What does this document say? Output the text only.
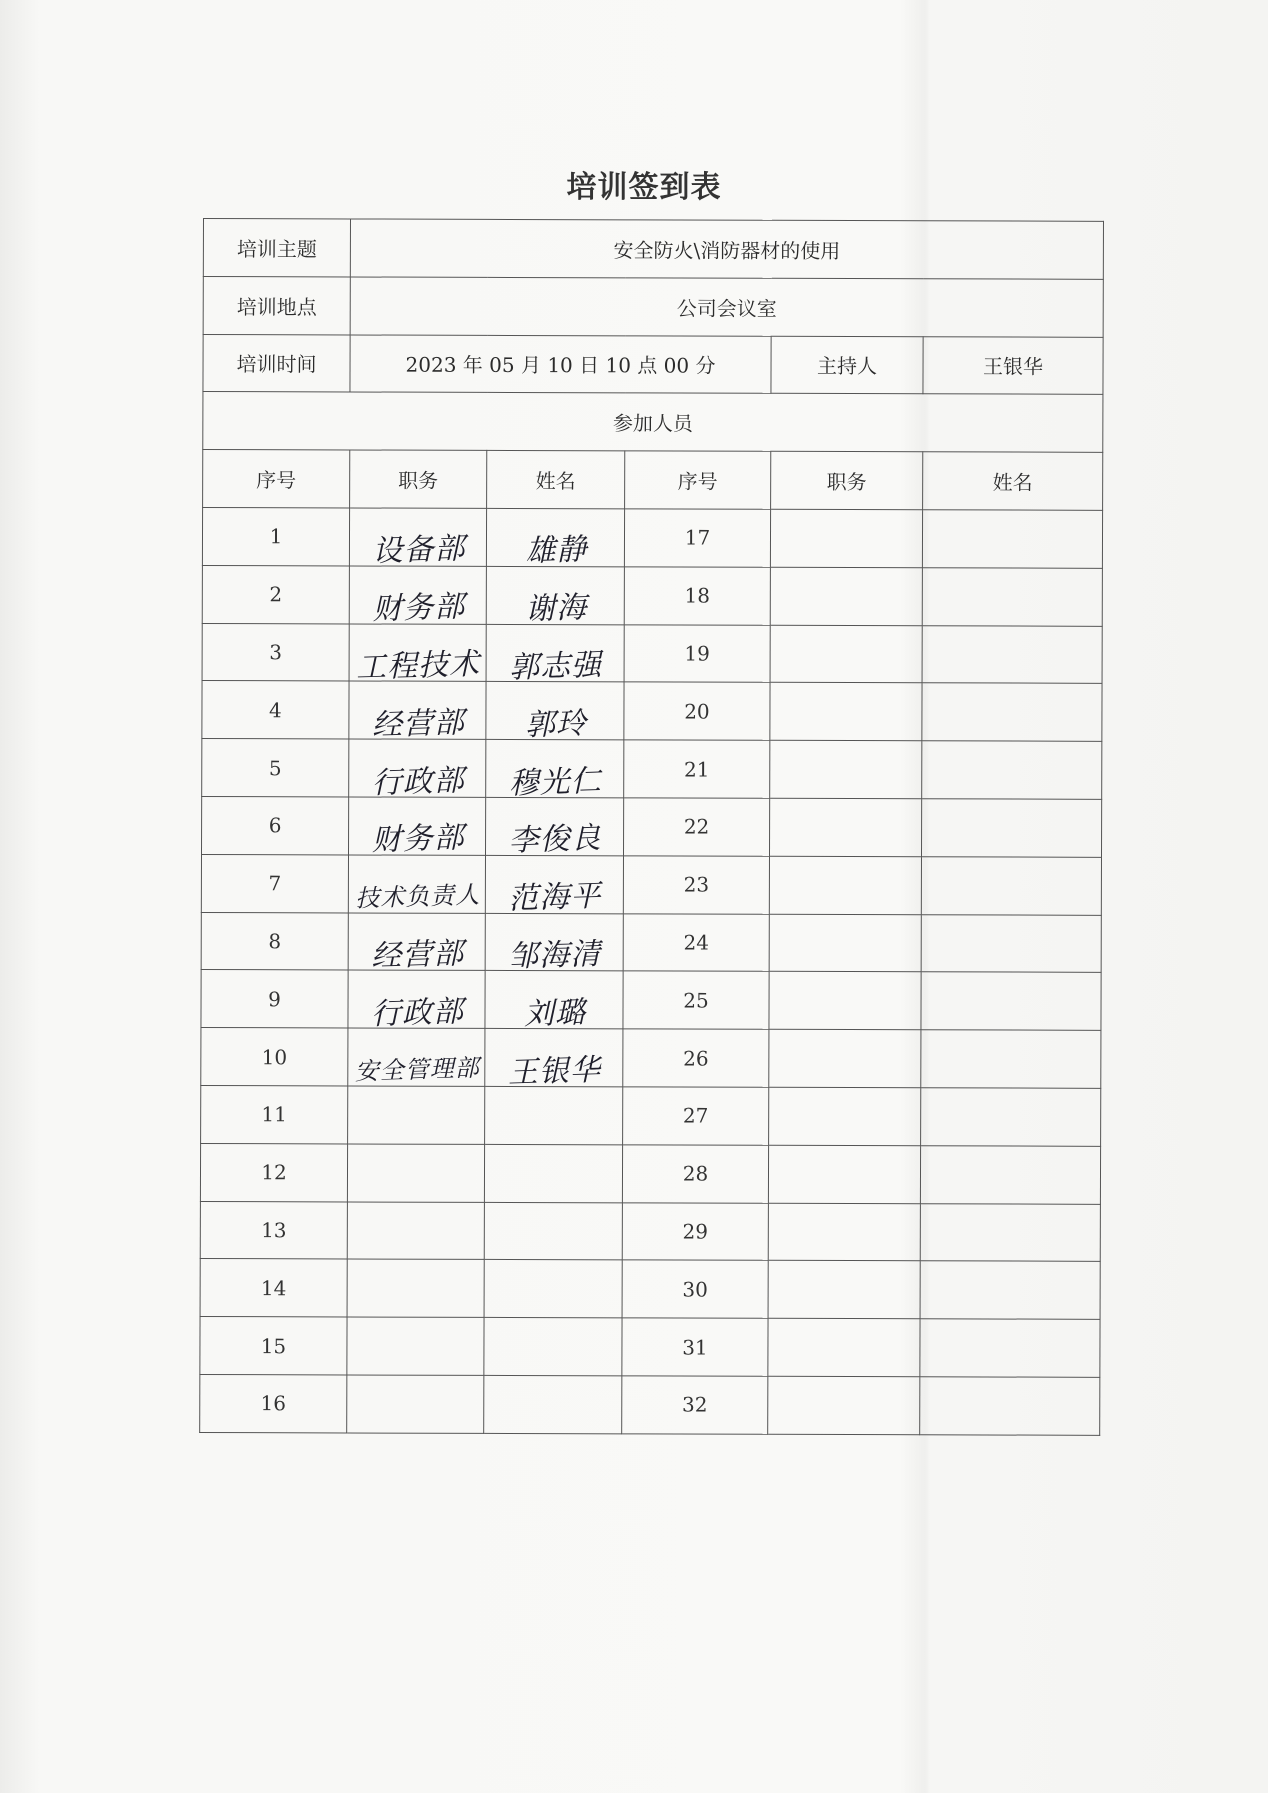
培训签到表
培训主题	安全防火\消防器材的使用				
培训地点	公司会议室				
培训时间	2023 年 05 月 10 日 10 点 00 分			主持人	王银华
参加人员					
序号	职务	姓名	序号	职务	姓名
1	设备部	雄静	17		
2	财务部	谢海	18		
3	工程技术	郭志强	19		
4	经营部	郭玲	20		
5	行政部	穆光仁	21		
6	财务部	李俊良	22		
7	技术负责人	范海平	23		
8	经营部	邹海清	24		
9	行政部	刘璐	25		
10	安全管理部	王银华	26		
11			27		
12			28		
13			29		
14			30		
15			31		
16			32		
